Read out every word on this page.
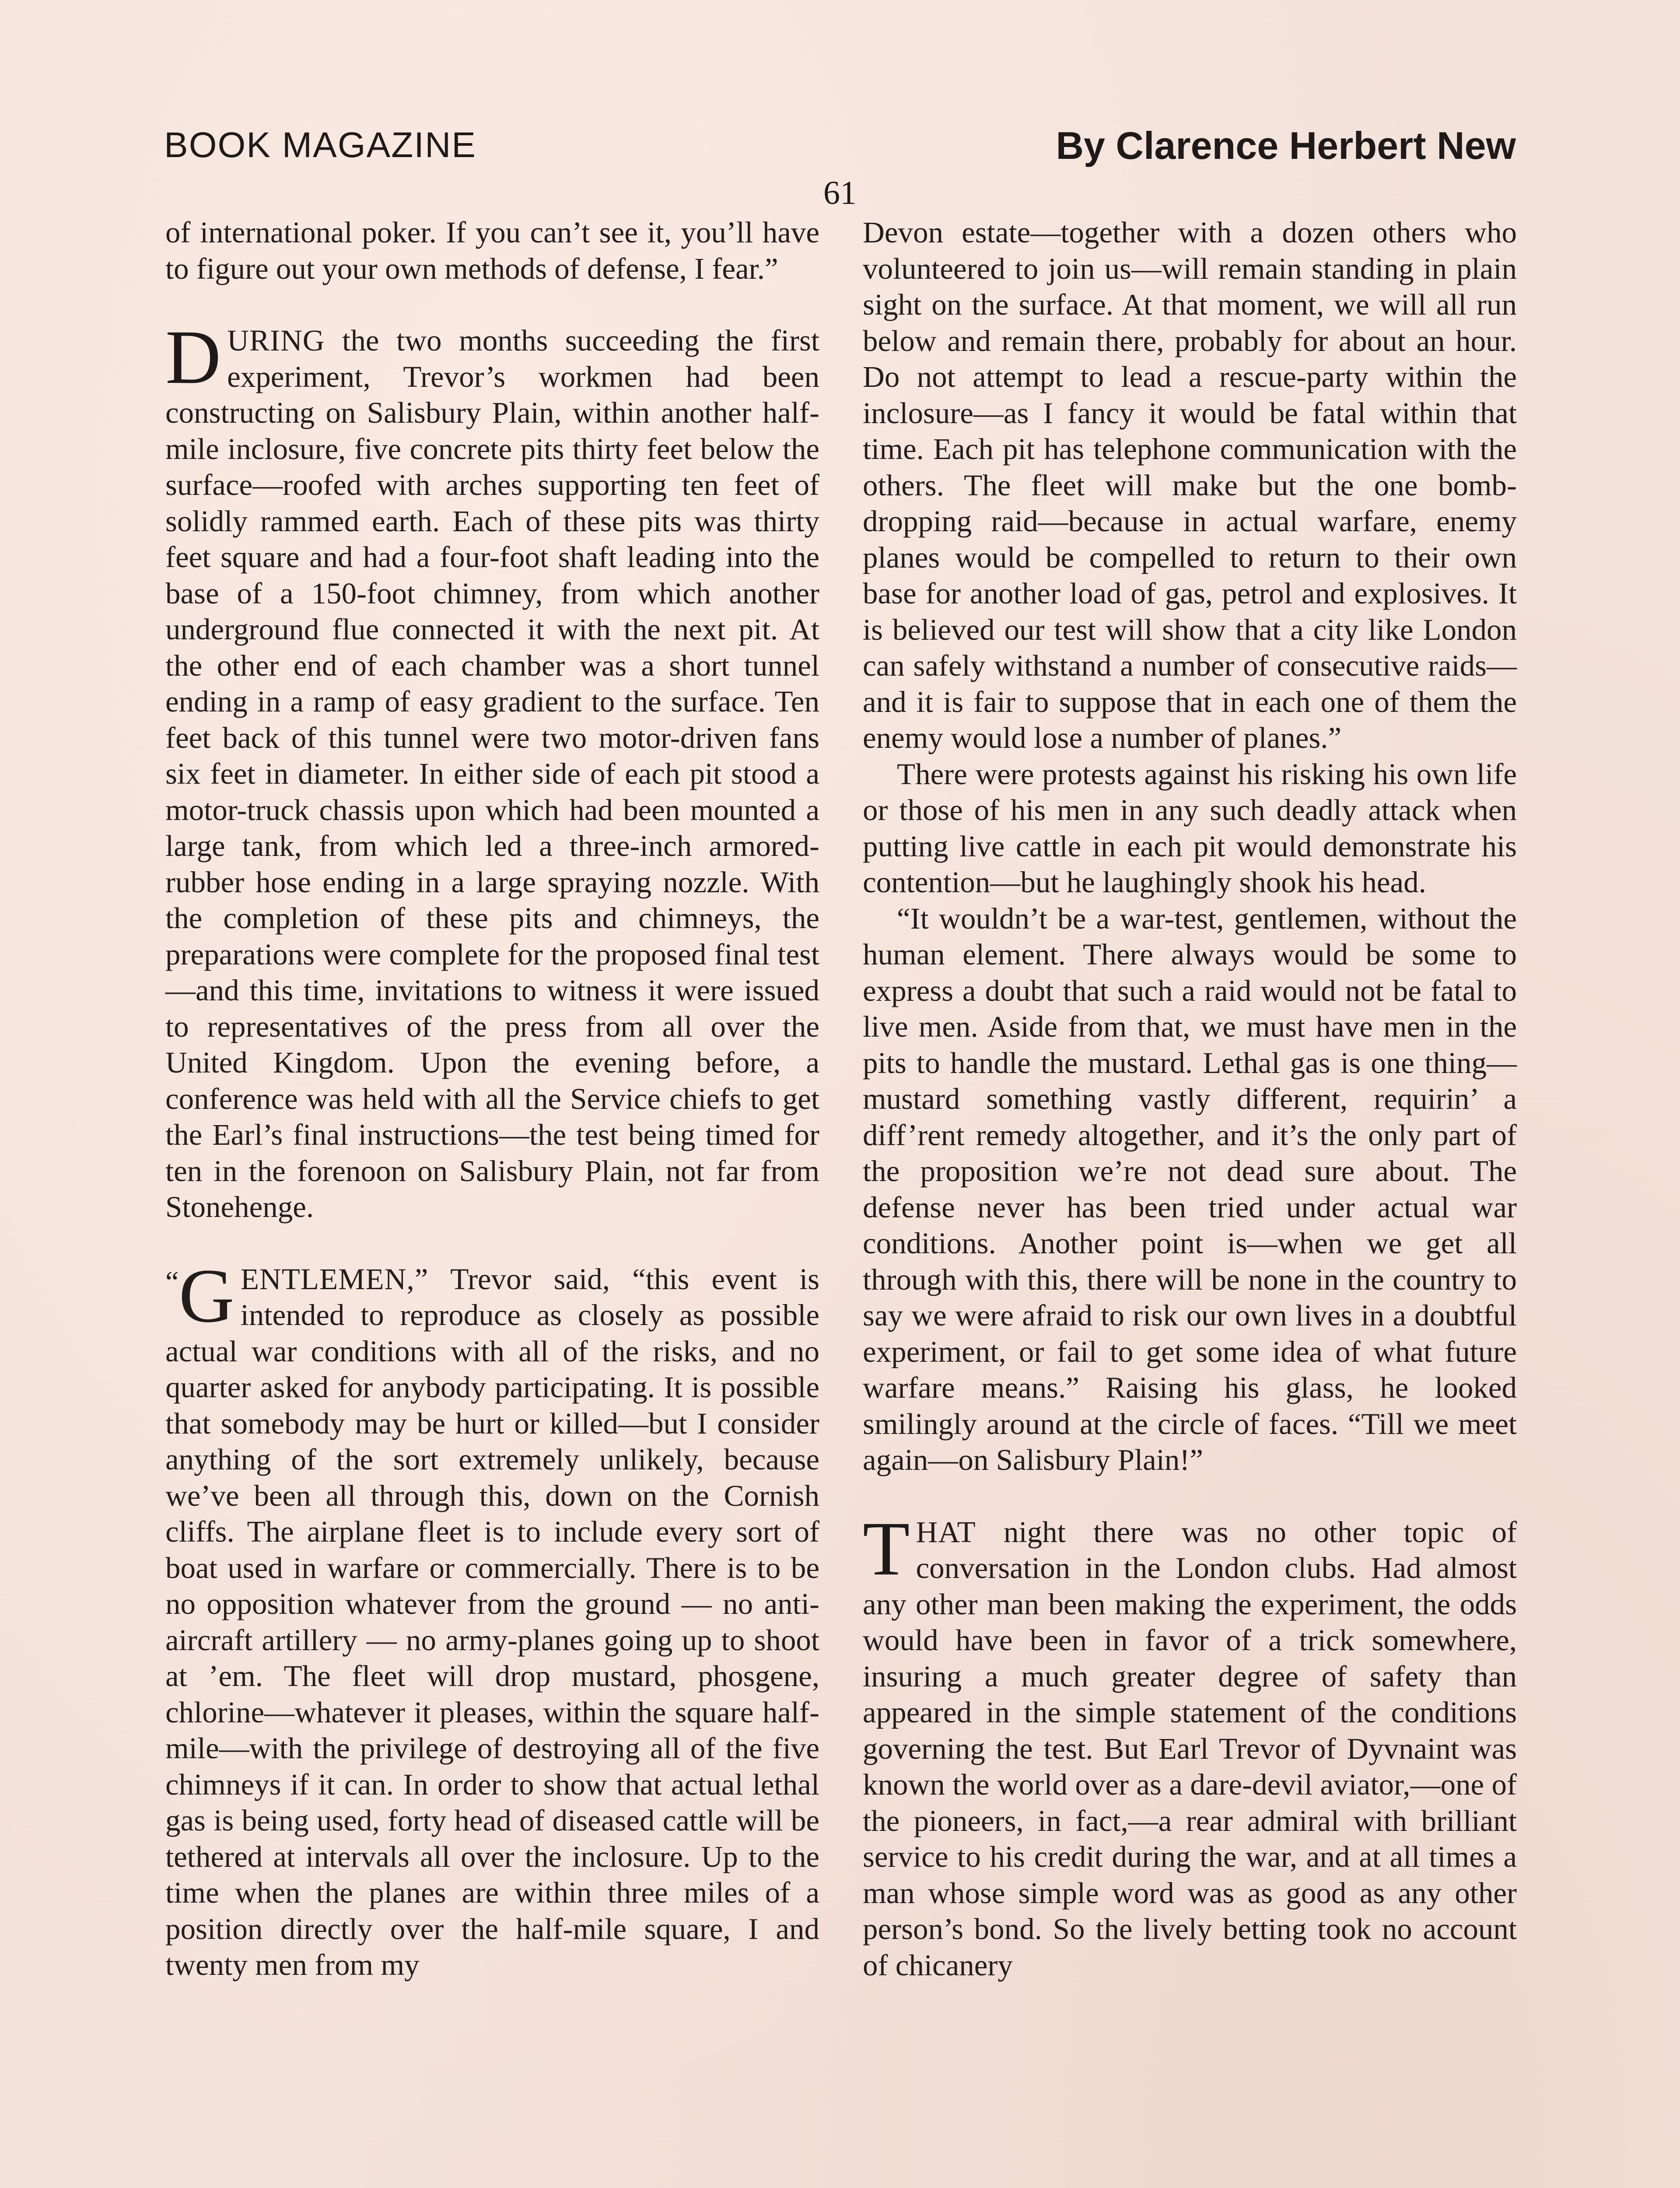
BOOK MAGAZINE	By Clarence Herbert New
61

of international poker. If you can’t see it, you’ll have to figure out your own methods of defense, I fear.”

DURING the two months succeeding the first experiment, Trevor’s workmen had been constructing on Salisbury Plain, within another half-mile inclosure, five concrete pits thirty feet below the surface—roofed with arches supporting ten feet of solidly rammed earth. Each of these pits was thirty feet square and had a four-foot shaft leading into the base of a 150-foot chimney, from which another underground flue connected it with the next pit. At the other end of each chamber was a short tunnel ending in a ramp of easy gradient to the surface. Ten feet back of this tunnel were two motor-driven fans six feet in diameter. In either side of each pit stood a motor-truck chassis upon which had been mounted a large tank, from which led a three-inch armored-rubber hose ending in a large spraying nozzle. With the completion of these pits and chimneys, the preparations were complete for the proposed final test—and this time, invitations to witness it were issued to representatives of the press from all over the United Kingdom. Upon the evening before, a conference was held with all the Service chiefs to get the Earl’s final instructions—the test being timed for ten in the forenoon on Salisbury Plain, not far from Stonehenge.

“G ENTLEMEN,” Trevor said, “this event is intended to reproduce as closely as possible actual war conditions with all of the risks, and no quarter asked for anybody participating. It is possible that somebody may be hurt or killed—but I consider anything of the sort extremely unlikely, because we’ve been all through this, down on the Cornish cliffs. The airplane fleet is to include every sort of boat used in warfare or commercially. There is to be no opposition whatever from the ground — no anti-aircraft artillery — no army-planes going up to shoot at ’em. The fleet will drop mustard, phosgene, chlorine—whatever it pleases, within the square half-mile—with the privilege of destroying all of the five chimneys if it can. In order to show that actual lethal gas is being used, forty head of diseased cattle will be tethered at intervals all over the inclosure. Up to the time when the planes are within three miles of a position directly over the half-mile square, I and twenty men from my

Devon estate—together with a dozen others who volunteered to join us—will remain standing in plain sight on the surface. At that moment, we will all run below and remain there, probably for about an hour. Do not attempt to lead a rescue-party within the inclosure—as I fancy it would be fatal within that time. Each pit has telephone communication with the others. The fleet will make but the one bomb-dropping raid—because in actual warfare, enemy planes would be compelled to return to their own base for another load of gas, petrol and explosives. It is believed our test will show that a city like London can safely withstand a number of consecutive raids—and it is fair to suppose that in each one of them the enemy would lose a number of planes.”

There were protests against his risking his own life or those of his men in any such deadly attack when putting live cattle in each pit would demonstrate his contention—but he laughingly shook his head.

“It wouldn’t be a war-test, gentlemen, without the human element. There always would be some to express a doubt that such a raid would not be fatal to live men. Aside from that, we must have men in the pits to handle the mustard. Lethal gas is one thing—mustard something vastly different, requirin’ a diff’rent remedy altogether, and it’s the only part of the proposition we’re not dead sure about. The defense never has been tried under actual war conditions. Another point is—when we get all through with this, there will be none in the country to say we were afraid to risk our own lives in a doubtful experiment, or fail to get some idea of what future warfare means.” Raising his glass, he looked smilingly around at the circle of faces. “Till we meet again—on Salisbury Plain!”

THAT night there was no other topic of conversation in the London clubs. Had almost any other man been making the experiment, the odds would have been in favor of a trick somewhere, insuring a much greater degree of safety than appeared in the simple statement of the conditions governing the test. But Earl Trevor of Dyvnaint was known the world over as a dare-devil aviator,—one of the pioneers, in fact,—a rear admiral with brilliant service to his credit during the war, and at all times a man whose simple word was as good as any other person’s bond. So the lively betting took no account of chicanery
